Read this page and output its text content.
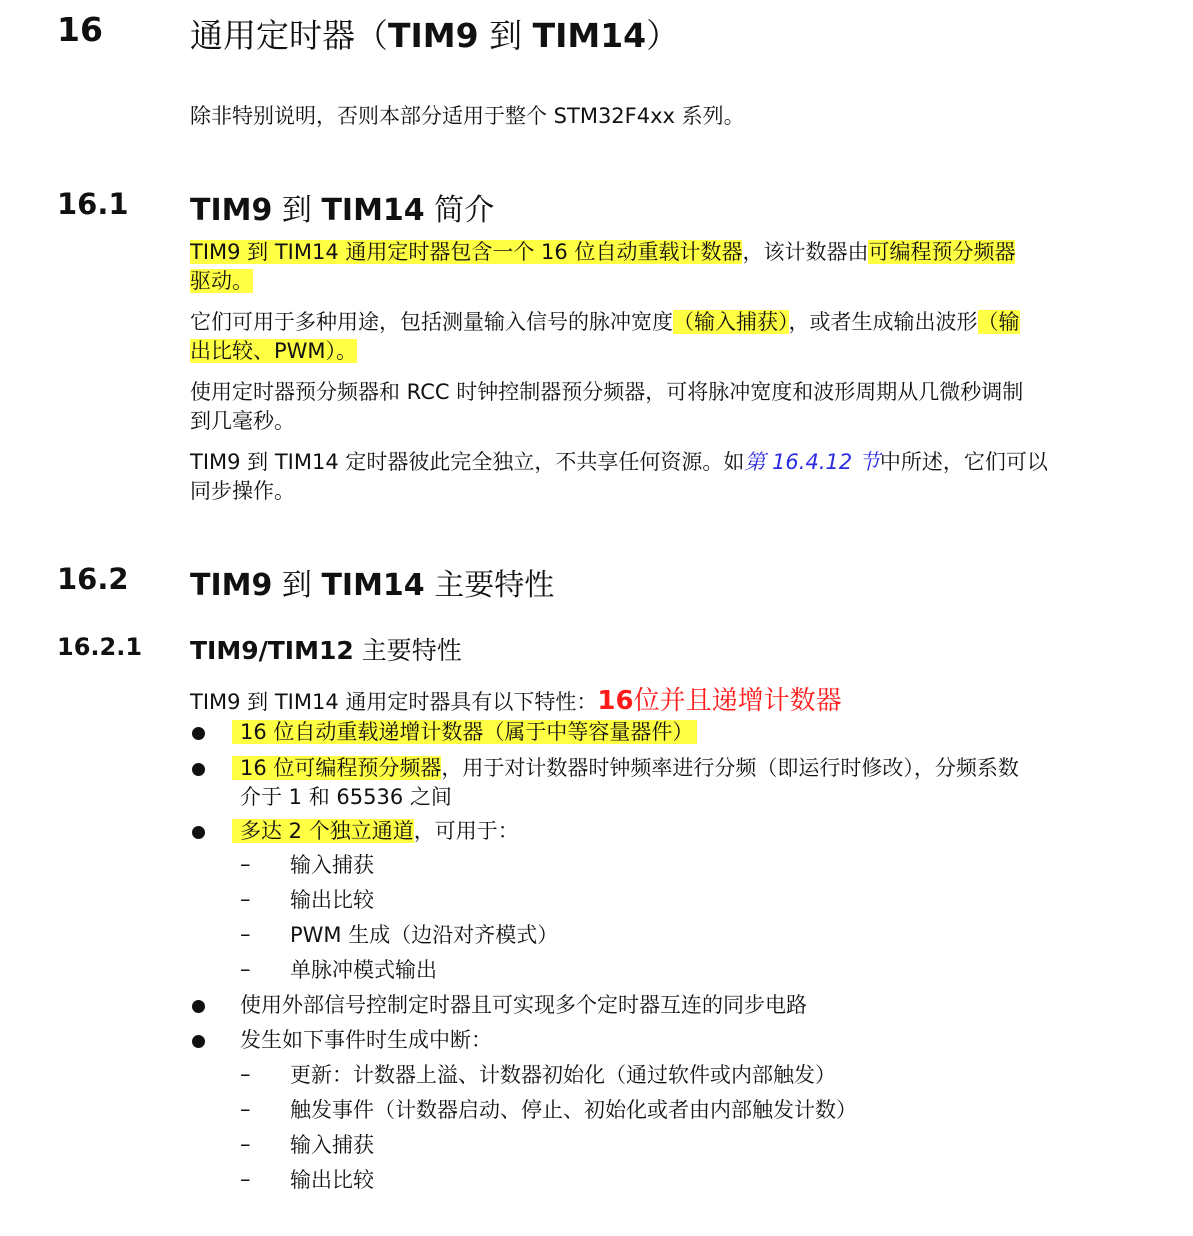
16	通用定时器（TIM9 到 TIM14）
除非特别说明，否则本部分适用于整个 STM32F4xx 系列。
16.1 TIM9 到 TIM14 简介
TIM9 到 TIM14 通用定时器包含一个 16 位自动重载计数器，该计数器由可编程预分频器
驱动。
它们可用于多种用途，包括测量输入信号的脉冲宽度（输入捕获），或者生成输出波形（输
出比较、PWM）。
使用定时器预分频器和 RCC 时钟控制器预分频器，可将脉冲宽度和波形周期从几微秒调制
到几毫秒。
TIM9 到 TIM14 定时器彼此完全独立，不共享任何资源。如第 16.4.12 节中所述，它们可以
同步操作。
16.2 TIM9 到 TIM14 主要特性
16.2.1 TIM9/TIM12 主要特性
TIM9 到 TIM14 通用定时器具有以下特性：16位并且递增计数器
16 位自动重载递增计数器（属于中等容量器件）
16 位可编程预分频器，用于对计数器时钟频率进行分频（即运行时修改），分频系数
介于 1 和 65536 之间
多达 2 个独立通道，可用于：
– 输入捕获
– 输出比较
– PWM 生成（边沿对齐模式）
– 单脉冲模式输出
使用外部信号控制定时器且可实现多个定时器互连的同步电路
发生如下事件时生成中断：
– 更新：计数器上溢、计数器初始化（通过软件或内部触发）
– 触发事件（计数器启动、停止、初始化或者由内部触发计数）
– 输入捕获
– 输出比较
